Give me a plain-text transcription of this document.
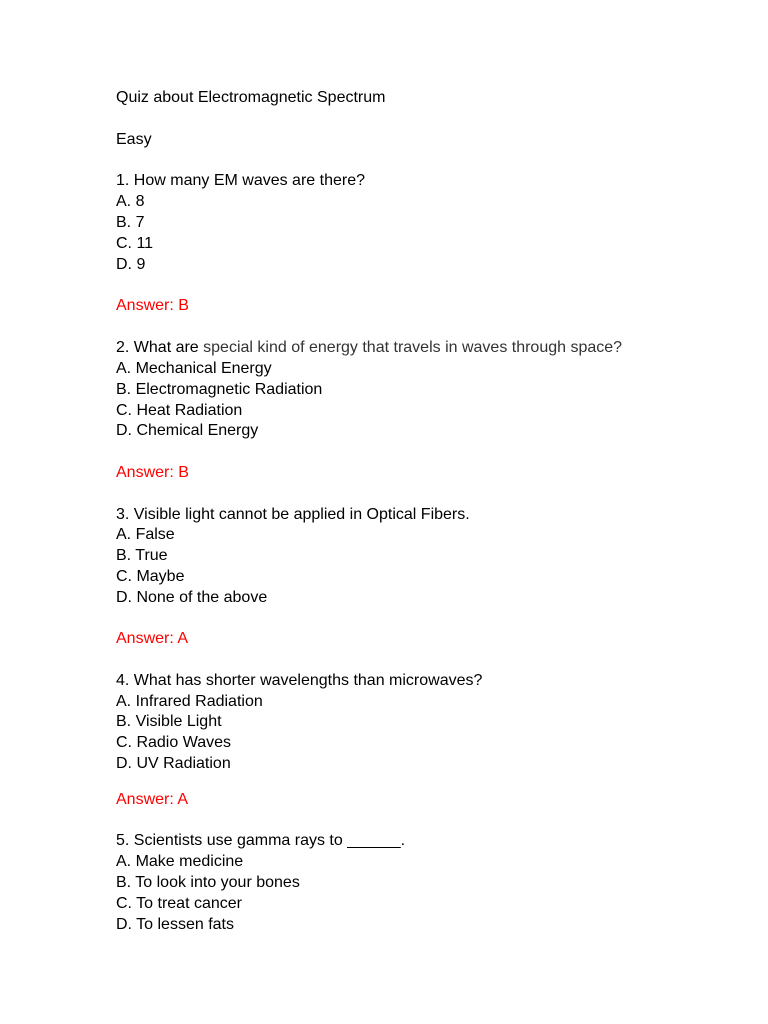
Quiz about Electromagnetic Spectrum
Easy
1. How many EM waves are there?
A. 8
B. 7
C. 11
D. 9
Answer: B
2. What are special kind of energy that travels in waves through space?
A. Mechanical Energy
B. Electromagnetic Radiation
C. Heat Radiation
D. Chemical Energy
Answer: B
3. Visible light cannot be applied in Optical Fibers.
A. False
B. True
C. Maybe
D. None of the above
Answer: A
4. What has shorter wavelengths than microwaves?
A. Infrared Radiation
B. Visible Light
C. Radio Waves
D. UV Radiation
Answer: A
5. Scientists use gamma rays to ______.
A. Make medicine
B. To look into your bones
C. To treat cancer
D. To lessen fats
